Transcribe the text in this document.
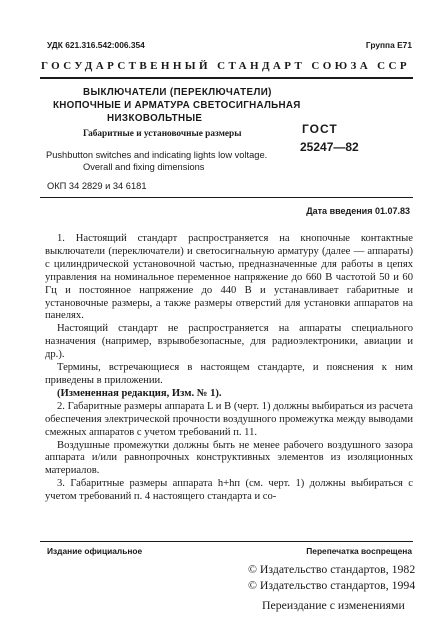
УДК 621.316.542:006.354	Группа Е71
ГОСУДАРСТВЕННЫЙ СТАНДАРТ СОЮЗА ССР
ВЫКЛЮЧАТЕЛИ (ПЕРЕКЛЮЧАТЕЛИ)
КНОПОЧНЫЕ И АРМАТУРА СВЕТОСИГНАЛЬНАЯ
НИЗКОВОЛЬТНЫЕ
Габаритные и установочные размеры
Pushbutton switches and indicating lights low voltage.
Overall and fixing dimensions
ОКП 34 2829 и 34 6181
ГОСТ
25247—82
Дата введения 01.07.83

1. Настоящий стандарт распространяется на кнопочные контактные выключатели (переключатели) и светосигнальную арматуру (далее — аппараты) с цилиндрической установочной частью, предназначенные для работы в цепях управления на номинальное переменное напряжение до 660 В частотой 50 и 60 Гц и постоянное напряжение до 440 В и устанавливает габаритные и установочные размеры, а также размеры отверстий для установки аппаратов на панелях.

Настоящий стандарт не распространяется на аппараты специального назначения (например, взрывобезопасные, для радиоэлектроники, авиации и др.).

Термины, встречающиеся в настоящем стандарте, и пояснения к ним приведены в приложении.

(Измененная редакция, Изм. № 1).

2. Габаритные размеры аппарата L и B (черт. 1) должны выбираться из расчета обеспечения электрической прочности воздушного промежутка между выводами смежных аппаратов с учетом требований п. 11.

Воздушные промежутки должны быть не менее рабочего воздушного зазора аппарата и/или равнопрочных конструктивных элементов из изоляционных материалов.

3. Габаритные размеры аппарата h+hп (см. черт. 1) должны выбираться с учетом требований п. 4 настоящего стандарта и со-

Издание официальное	Перепечатка воспрещена
© Издательство стандартов, 1982
© Издательство стандартов, 1994
Переиздание с изменениями
